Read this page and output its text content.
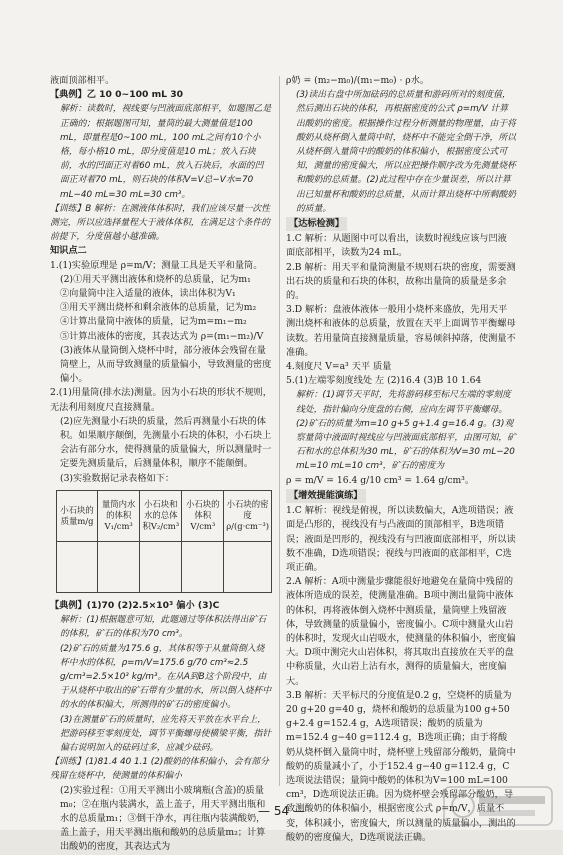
液面顶部相平。

【典例】乙 10 0~100 mL 30

解析：读数时，视线要与凹液面底部相平，如题图乙是正确的；根据题图可知，量筒的最大测量值是100 mL，即量程是0~100 mL，100 mL之间有10个小格，每小格10 mL，即分度值是10 mL；放入石块前，水的凹面正对着60 mL，放入石块后，水面的凹面正对着70 mL，则石块的体积V=V总−V水=70 mL−40 mL=30 mL=30 cm³。

【训练】B 解析：在测液体体积时，我们应该尽量一次性测完，所以应选择量程大于液体体积，在满足这个条件的前提下，分度值越小越准确。

知识点二

1.(1)实验原理是 ρ=m/V；测量工具是天平和量筒。

(2)①用天平测出液体和烧杯的总质量，记为m₁

②向量筒中注入适量的液体，读出体积为V₁

③用天平测出烧杯和剩余液体的总质量，记为m₂

④计算出量筒中液体的质量，记为m=m₁−m₂

⑤计算出液体的密度，其表达式为 ρ=(m₁−m₂)/V

(3)液体从量筒倒入烧杯中时，部分液体会残留在量筒壁上，从而导致测量的质量偏小，导致测量的密度偏小。

2.(1)用量筒(排水法)测量。因为小石块的形状不规则，无法利用刻度尺直接测量。

(2)应先测量小石块的质量，然后再测量小石块的体积。如果顺序颠倒，先测量小石块的体积，小石块上会沾有部分水，使得测量的质量偏大，所以测量时一定要先测质量后，后测量体积，顺序不能颠倒。

(3)实验数据记录表格如下：

小石块的质量m/g	量筒内水的体积V₁/cm³	小石块和水的总体积V₂/cm³	小石块的体积V/cm³	小石块的密度ρ/(g·cm⁻³)

【典例】(1)70 (2)2.5×10³ 偏小 (3)C

解析：(1)根据题意可知，此题通过等体积法得出矿石的体积，矿石的体积为70 cm³。

(2)矿石的质量为175.6 g，其体积等于从量筒倒入烧杯中水的体积，ρ=m/V=175.6 g/70 cm³≈2.5 g/cm³=2.5×10³ kg/m³。在从A到B这个阶段中，由于从烧杯中取出的矿石带有少量的水，所以倒入烧杯中的水的体积偏大，所测得的矿石的密度偏小。

(3)在测量矿石的质量时，应先将天平放在水平台上，把游码移至零刻度处，调节平衡螺母使横梁平衡，指针偏右说明加入的砝码过多，应减少砝码。

【训练】(1)81.4 40 1.1 (2)酸奶的体积偏小，会有部分残留在烧杯中，使测量的体积偏小

(2)实验过程：①用天平测出小玻璃瓶(含盖)的质量m₀；②在瓶内装满水，盖上盖子，用天平测出瓶和水的总质量m₁；③倒干净水，再往瓶内装满酸奶，盖上盖子，用天平测出瓶和酸奶的总质量m₂；计算出酸奶的密度，其表达式为

ρ奶 = (m₂−m₀)/(m₁−m₀) · ρ水。

(3)读出右盘中所加砝码的总质量和游码所对的刻度值，然后测出石块的体积，再根据密度的公式 ρ=m/V 计算出酸奶的密度。根据操作过程分析测量的物理量，由于将酸奶从烧杯倒入量筒中时，烧杯中不能完全倒干净，所以从烧杯倒入量筒中的酸奶的体积偏小，根据密度公式可知，测量的密度偏大，所以应把操作顺序改为先测量烧杯和酸奶的总质量。(2)此过程中存在少量误差，所以计算出已知量杯和酸奶的总质量，从而计算出烧杯中所剩酸奶的质量。

【达标检测】

1.C 解析：从题图中可以看出，读数时视线应该与凹液面底部相平，读数为24 mL。

2.B 解析：用天平和量筒测量不规则石块的密度，需要测出石块的质量和石块的体积，故称出量筒的质量是多余的。

3.D 解析：盘液体液体一般用小烧杯来盛放，先用天平测出烧杯和液体的总质量，放置在天平上面调节平衡螺母读数。若用量筒直接测量质量，容易倾斜掉落，使测量不准确。

4.刻度尺 V=a³ 天平 质量

5.(1)左端零刻度线处 左 (2)16.4 (3)B 10 1.64

解析：(1)调节天平时，先将游码移至标尺左端的零刻度线处，指针偏向分度盘的右侧，应向左调节平衡螺母。(2)矿石的质量为m=10 g+5 g+1.4 g=16.4 g。(3)观察量筒中液面时视线应与凹液面底部相平，由图可知，矿石和水的总体积为30 mL，矿石的体积为V=30 mL−20 mL=10 mL=10 cm³，矿石的密度为

ρ = m/V = 16.4 g/10 cm³ = 1.64 g/cm³。

【增效提能演练】

1.C 解析：视线是俯视，所以读数偏大，A选项错误；液面是凸形的，视线没有与凸液面的顶部相平，B选项错误；液面是凹形的，视线没有与凹液面底部相平，所以读数不准确，D选项错误；视线与凹液面的底部相平，C选项正确。

2.A 解析：A项中测量步骤能很好地避免在量筒中残留的液体所造成的误差，使测量准确。B项中测出量筒中液体的体积，再将液体倒入烧杯中测质量，量筒壁上残留液体，导致测量的质量偏小，密度偏小。C项中测量火山岩的体积时，发现火山岩吸水，使测量的体积偏小，密度偏大。D项中测完火山岩体积，将其取出直接放在天平的盘中称质量，火山岩上沾有水，测得的质量偏大，密度偏大。

3.B 解析：天平标尺的分度值是0.2 g，空烧杯的质量为20 g+20 g=40 g，烧杯和酸奶的总质量为100 g+50 g+2.4 g=152.4 g，A选项错误；酸奶的质量为m=152.4 g−40 g=112.4 g，B选项正确；由于将酸奶从烧杯倒入量筒中时，烧杯壁上残留部分酸奶，量筒中酸奶的质量减小了，小于152.4 g−40 g=112.4 g，C选项说法错误；量筒中酸奶的体积为V=100 mL=100 cm³，D选项说法正确。因为烧杯壁会残留部分酸奶，导致测酸奶的体积偏小，根据密度公式 ρ=m/V，质量不变，体积减小，密度偏大，所以测量的质量偏小，测出的酸奶的密度偏大，D选项说法正确。

— 54 —
